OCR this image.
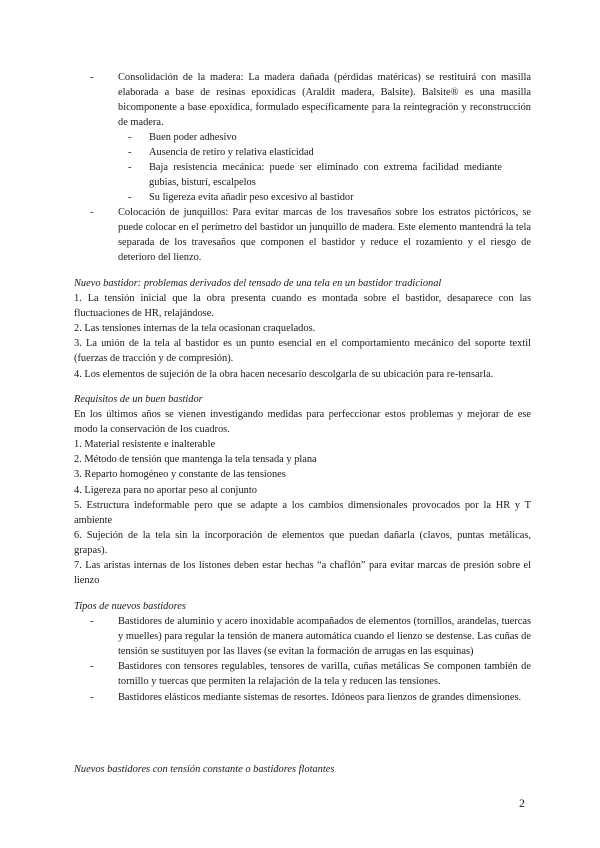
- Consolidación de la madera: La madera dañada (pérdidas matéricas) se restituirá con masilla elaborada a base de resinas epoxídicas (Araldit madera, Balsite). Balsite® es una masilla bicomponente a base epoxídica, formulado específicamente para la reintegración y reconstrucción de madera.
- Buen poder adhesivo
- Ausencia de retiro y relativa elasticidad
- Baja resistencia mecánica: puede ser eliminado con extrema facilidad mediante gubias, bisturí, escalpelos
- Su ligereza evita añadir peso excesivo al bastidor
- Colocación de junquillos: Para evitar marcas de los travesaños sobre los estratos pictóricos, se puede colocar en el perímetro del bastidor un junquillo de madera. Este elemento mantendrá la tela separada de los travesaños que componen el bastidor y reduce el rozamiento y el riesgo de deterioro del lienzo.
Nuevo bastidor: problemas derivados del tensado de una tela en un bastidor tradicional
1. La tensión inicial que la obra presenta cuando es montada sobre el bastidor, desaparece con las fluctuaciones de HR, relajándose.
2. Las tensiones internas de la tela ocasionan craquelados.
3. La unión de la tela al bastidor es un punto esencial en el comportamiento mecánico del soporte textil (fuerzas de tracción y de compresión).
4. Los elementos de sujeción de la obra hacen necesario descolgarla de su ubicación para re-tensarla.
Requisitos de un buen bastidor
En los últimos años se vienen investigando medidas para perfeccionar estos problemas y mejorar de ese modo la conservación de los cuadros.
1. Material resistente e inalterable
2. Método de tensión que mantenga la tela tensada y plana
3. Reparto homogéneo y constante de las tensiones
4. Ligereza para no aportar peso al conjunto
5. Estructura indeformable pero que se adapte a los cambios dimensionales provocados por la HR y T ambiente
6. Sujeción de la tela sin la incorporación de elementos que puedan dañarla (clavos, puntas metálicas, grapas).
7. Las aristas internas de los listones deben estar hechas “a chaflón” para evitar marcas de presión sobre el lienzo
Tipos de nuevos bastidores
- Bastidores de aluminio y acero inoxidable acompañados de elementos (tornillos, arandelas, tuercas y muelles) para regular la tensión de manera automática cuando el lienzo se destense. Las cuñas de tensión se sustituyen por las llaves (se evitan la formación de arrugas en las esquinas)
- Bastidores con tensores regulables, tensores de varilla, cuñas metálicas Se componen también de tornillo y tuercas que permiten la relajación de la tela y reducen las tensiones.
- Bastidores elásticos mediante sistemas de resortes. Idóneos para lienzos de grandes dimensiones.
Nuevos bastidores con tensión constante o bastidores flotantes
2
